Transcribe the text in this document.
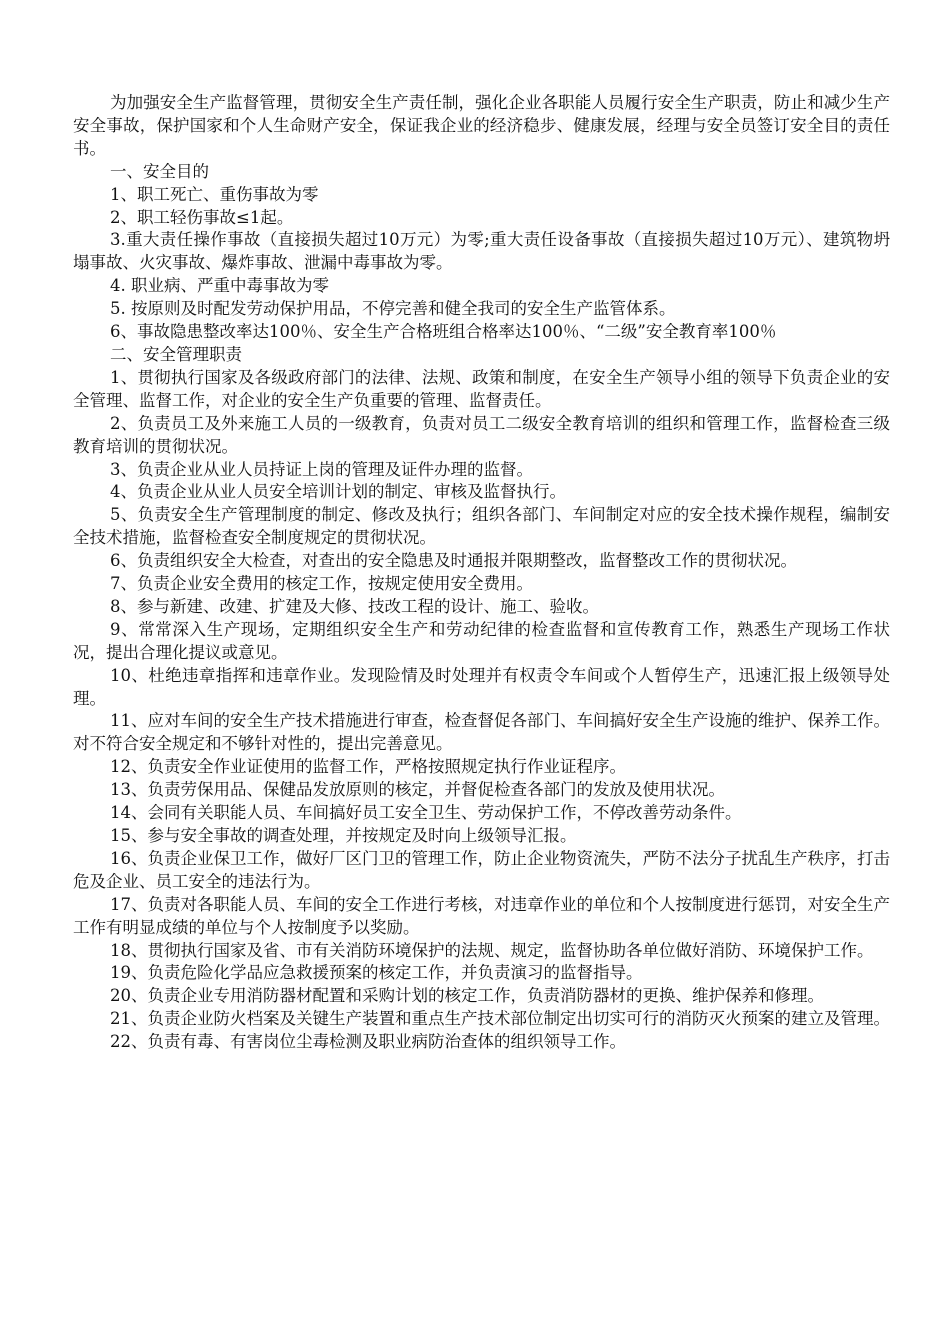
为加强安全生产监督管理，贯彻安全生产责任制，强化企业各职能人员履行安全生产职责，防止和减少生产安全事故，保护国家和个人生命财产安全，保证我企业的经济稳步、健康发展，经理与安全员签订安全目的责任书。

一、安全目的

1、职工死亡、重伤事故为零

2、职工轻伤事故≤1起。

3.重大责任操作事故（直接损失超过10万元）为零;重大责任设备事故（直接损失超过10万元）、建筑物坍塌事故、火灾事故、爆炸事故、泄漏中毒事故为零。

4. 职业病、严重中毒事故为零

5. 按原则及时配发劳动保护用品，不停完善和健全我司的安全生产监管体系。

6、事故隐患整改率达100％、安全生产合格班组合格率达100％、“二级”安全教育率100％

二、安全管理职责

1、贯彻执行国家及各级政府部门的法律、法规、政策和制度，在安全生产领导小组的领导下负责企业的安全管理、监督工作，对企业的安全生产负重要的管理、监督责任。

2、负责员工及外来施工人员的一级教育，负责对员工二级安全教育培训的组织和管理工作，监督检查三级教育培训的贯彻状况。

3、负责企业从业人员持证上岗的管理及证件办理的监督。

4、负责企业从业人员安全培训计划的制定、审核及监督执行。

5、负责安全生产管理制度的制定、修改及执行；组织各部门、车间制定对应的安全技术操作规程，编制安全技术措施，监督检查安全制度规定的贯彻状况。

6、负责组织安全大检查，对查出的安全隐患及时通报并限期整改，监督整改工作的贯彻状况。

7、负责企业安全费用的核定工作，按规定使用安全费用。

8、参与新建、改建、扩建及大修、技改工程的设计、施工、验收。

9、常常深入生产现场，定期组织安全生产和劳动纪律的检查监督和宣传教育工作，熟悉生产现场工作状况，提出合理化提议或意见。

10、杜绝违章指挥和违章作业。发现险情及时处理并有权责令车间或个人暂停生产，迅速汇报上级领导处理。

11、应对车间的安全生产技术措施进行审查，检查督促各部门、车间搞好安全生产设施的维护、保养工作。对不符合安全规定和不够针对性的，提出完善意见。

12、负责安全作业证使用的监督工作，严格按照规定执行作业证程序。

13、负责劳保用品、保健品发放原则的核定，并督促检查各部门的发放及使用状况。

14、会同有关职能人员、车间搞好员工安全卫生、劳动保护工作，不停改善劳动条件。

15、参与安全事故的调查处理，并按规定及时向上级领导汇报。

16、负责企业保卫工作，做好厂区门卫的管理工作，防止企业物资流失，严防不法分子扰乱生产秩序，打击危及企业、员工安全的违法行为。

17、负责对各职能人员、车间的安全工作进行考核，对违章作业的单位和个人按制度进行惩罚，对安全生产工作有明显成绩的单位与个人按制度予以奖励。

18、贯彻执行国家及省、市有关消防环境保护的法规、规定，监督协助各单位做好消防、环境保护工作。

19、负责危险化学品应急救援预案的核定工作，并负责演习的监督指导。

20、负责企业专用消防器材配置和采购计划的核定工作，负责消防器材的更换、维护保养和修理。

21、负责企业防火档案及关键生产装置和重点生产技术部位制定出切实可行的消防灭火预案的建立及管理。

22、负责有毒、有害岗位尘毒检测及职业病防治查体的组织领导工作。
